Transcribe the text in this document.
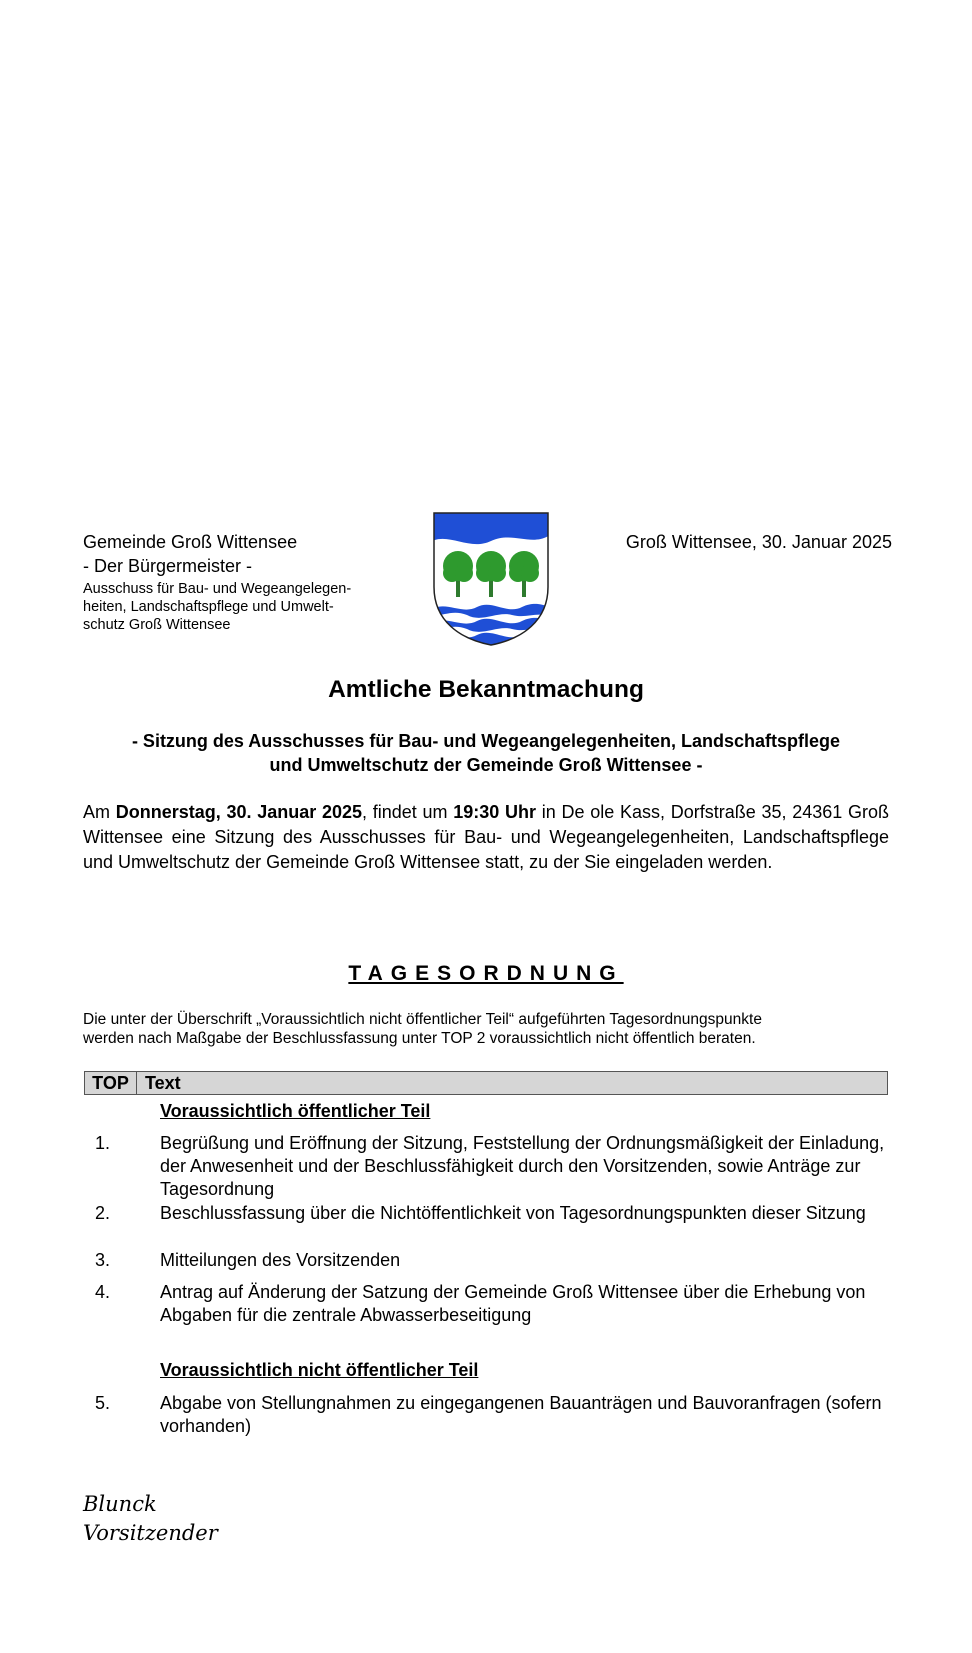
Gemeinde Groß Wittensee
- Der Bürgermeister -
Ausschuss für Bau- und Wegeangelegen-
heiten, Landschaftspflege und Umwelt-
schutz Groß Wittensee
Groß Wittensee, 30. Januar 2025
Amtliche Bekanntmachung
- Sitzung des Ausschusses für Bau- und Wegeangelegenheiten, Landschaftspflege
und Umweltschutz der Gemeinde Groß Wittensee -
Am Donnerstag, 30. Januar 2025, findet um 19:30 Uhr in De ole Kass, Dorfstraße 35, 24361 Groß Wittensee eine Sitzung des Ausschusses für Bau- und Wegeangelegenheiten, Landschaftspflege und Umweltschutz der Gemeinde Groß Wittensee statt, zu der Sie eingeladen werden.
TAGESORDNUNG
Die unter der Überschrift „Voraussichtlich nicht öffentlicher Teil“ aufgeführten Tagesordnungspunkte
werden nach Maßgabe der Beschlussfassung unter TOP 2 voraussichtlich nicht öffentlich beraten.
TOP	Text
Voraussichtlich öffentlicher Teil
1.	Begrüßung und Eröffnung der Sitzung, Feststellung der Ordnungsmäßigkeit der Einladung, der Anwesenheit und der Beschlussfähigkeit durch den Vorsitzenden, sowie Anträge zur Tagesordnung
2.	Beschlussfassung über die Nichtöffentlichkeit von Tagesordnungspunkten dieser Sitzung
3.	Mitteilungen des Vorsitzenden
4.	Antrag auf Änderung der Satzung der Gemeinde Groß Wittensee über die Erhebung von Abgaben für die zentrale Abwasserbeseitigung
Voraussichtlich nicht öffentlicher Teil
5.	Abgabe von Stellungnahmen zu eingegangenen Bauanträgen und Bauvoranfragen (sofern vorhanden)
Blunck
Vorsitzender
